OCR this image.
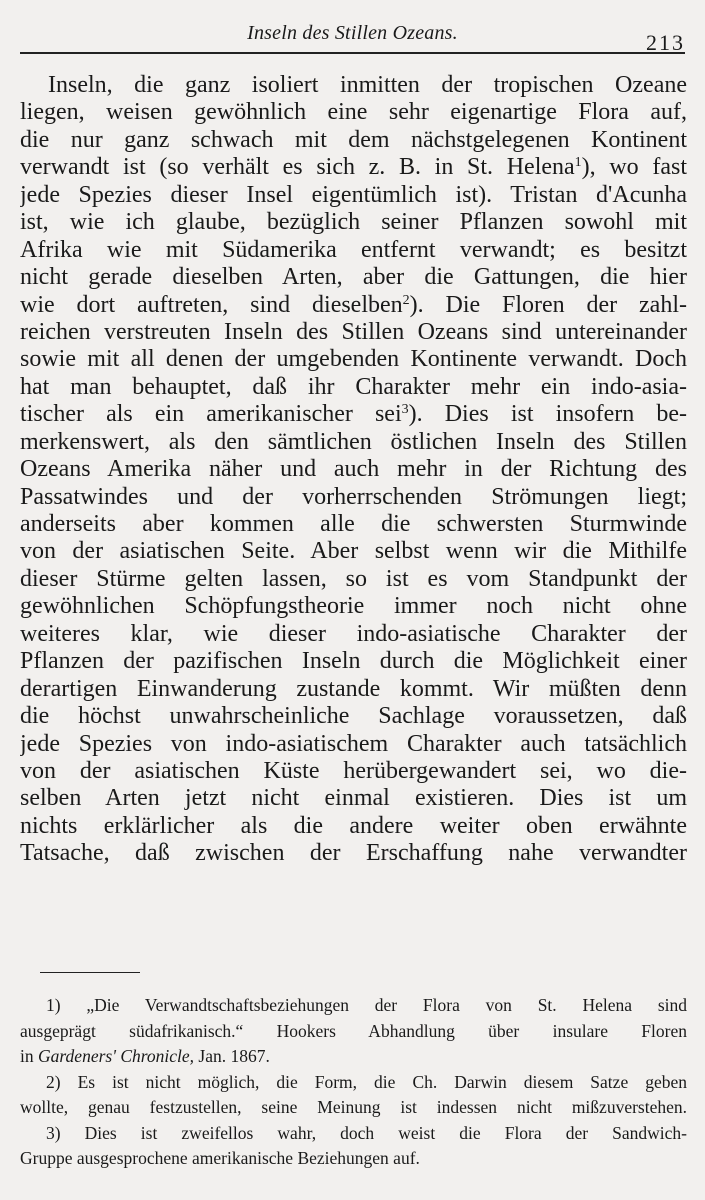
Inseln des Stillen Ozeans.	213
Inseln, die ganz isoliert inmitten der tropischen Ozeane
liegen, weisen gewöhnlich eine sehr eigenartige Flora auf,
die nur ganz schwach mit dem nächstgelegenen Kontinent
verwandt ist (so verhält es sich z. B. in St. Helena$^1$), wo fast
jede Spezies dieser Insel eigentümlich ist). Tristan d'Acunha
ist, wie ich glaube, bezüglich seiner Pflanzen sowohl mit
Afrika wie mit Südamerika entfernt verwandt; es besitzt
nicht gerade dieselben Arten, aber die Gattungen, die hier
wie dort auftreten, sind dieselben$^2$). Die Floren der zahl-
reichen verstreuten Inseln des Stillen Ozeans sind untereinander
sowie mit all denen der umgebenden Kontinente verwandt. Doch
hat man behauptet, daß ihr Charakter mehr ein indo-asia-
tischer als ein amerikanischer sei$^3$). Dies ist insofern be-
merkenswert, als den sämtlichen östlichen Inseln des Stillen
Ozeans Amerika näher und auch mehr in der Richtung des
Passatwindes und der vorherrschenden Strömungen liegt;
anderseits aber kommen alle die schwersten Sturmwinde
von der asiatischen Seite. Aber selbst wenn wir die Mithilfe
dieser Stürme gelten lassen, so ist es vom Standpunkt der
gewöhnlichen Schöpfungstheorie immer noch nicht ohne
weiteres klar, wie dieser indo-asiatische Charakter der
Pflanzen der pazifischen Inseln durch die Möglichkeit einer
derartigen Einwanderung zustande kommt. Wir müßten denn
die höchst unwahrscheinliche Sachlage voraussetzen, daß
jede Spezies von indo-asiatischem Charakter auch tatsächlich
von der asiatischen Küste herübergewandert sei, wo die-
selben Arten jetzt nicht einmal existieren. Dies ist um
nichts erklärlicher als die andere weiter oben erwähnte
Tatsache, daß zwischen der Erschaffung nahe verwandter
1) „Die Verwandtschaftsbeziehungen der Flora von St. Helena sind
ausgeprägt südafrikanisch.“ Hookers Abhandlung über insulare Floren
in Gardeners' Chronicle, Jan. 1867.
2) Es ist nicht möglich, die Form, die Ch. Darwin diesem Satze geben
wollte, genau festzustellen, seine Meinung ist indessen nicht mißzuverstehen.
3) Dies ist zweifellos wahr, doch weist die Flora der Sandwich-
Gruppe ausgesprochene amerikanische Beziehungen auf.
